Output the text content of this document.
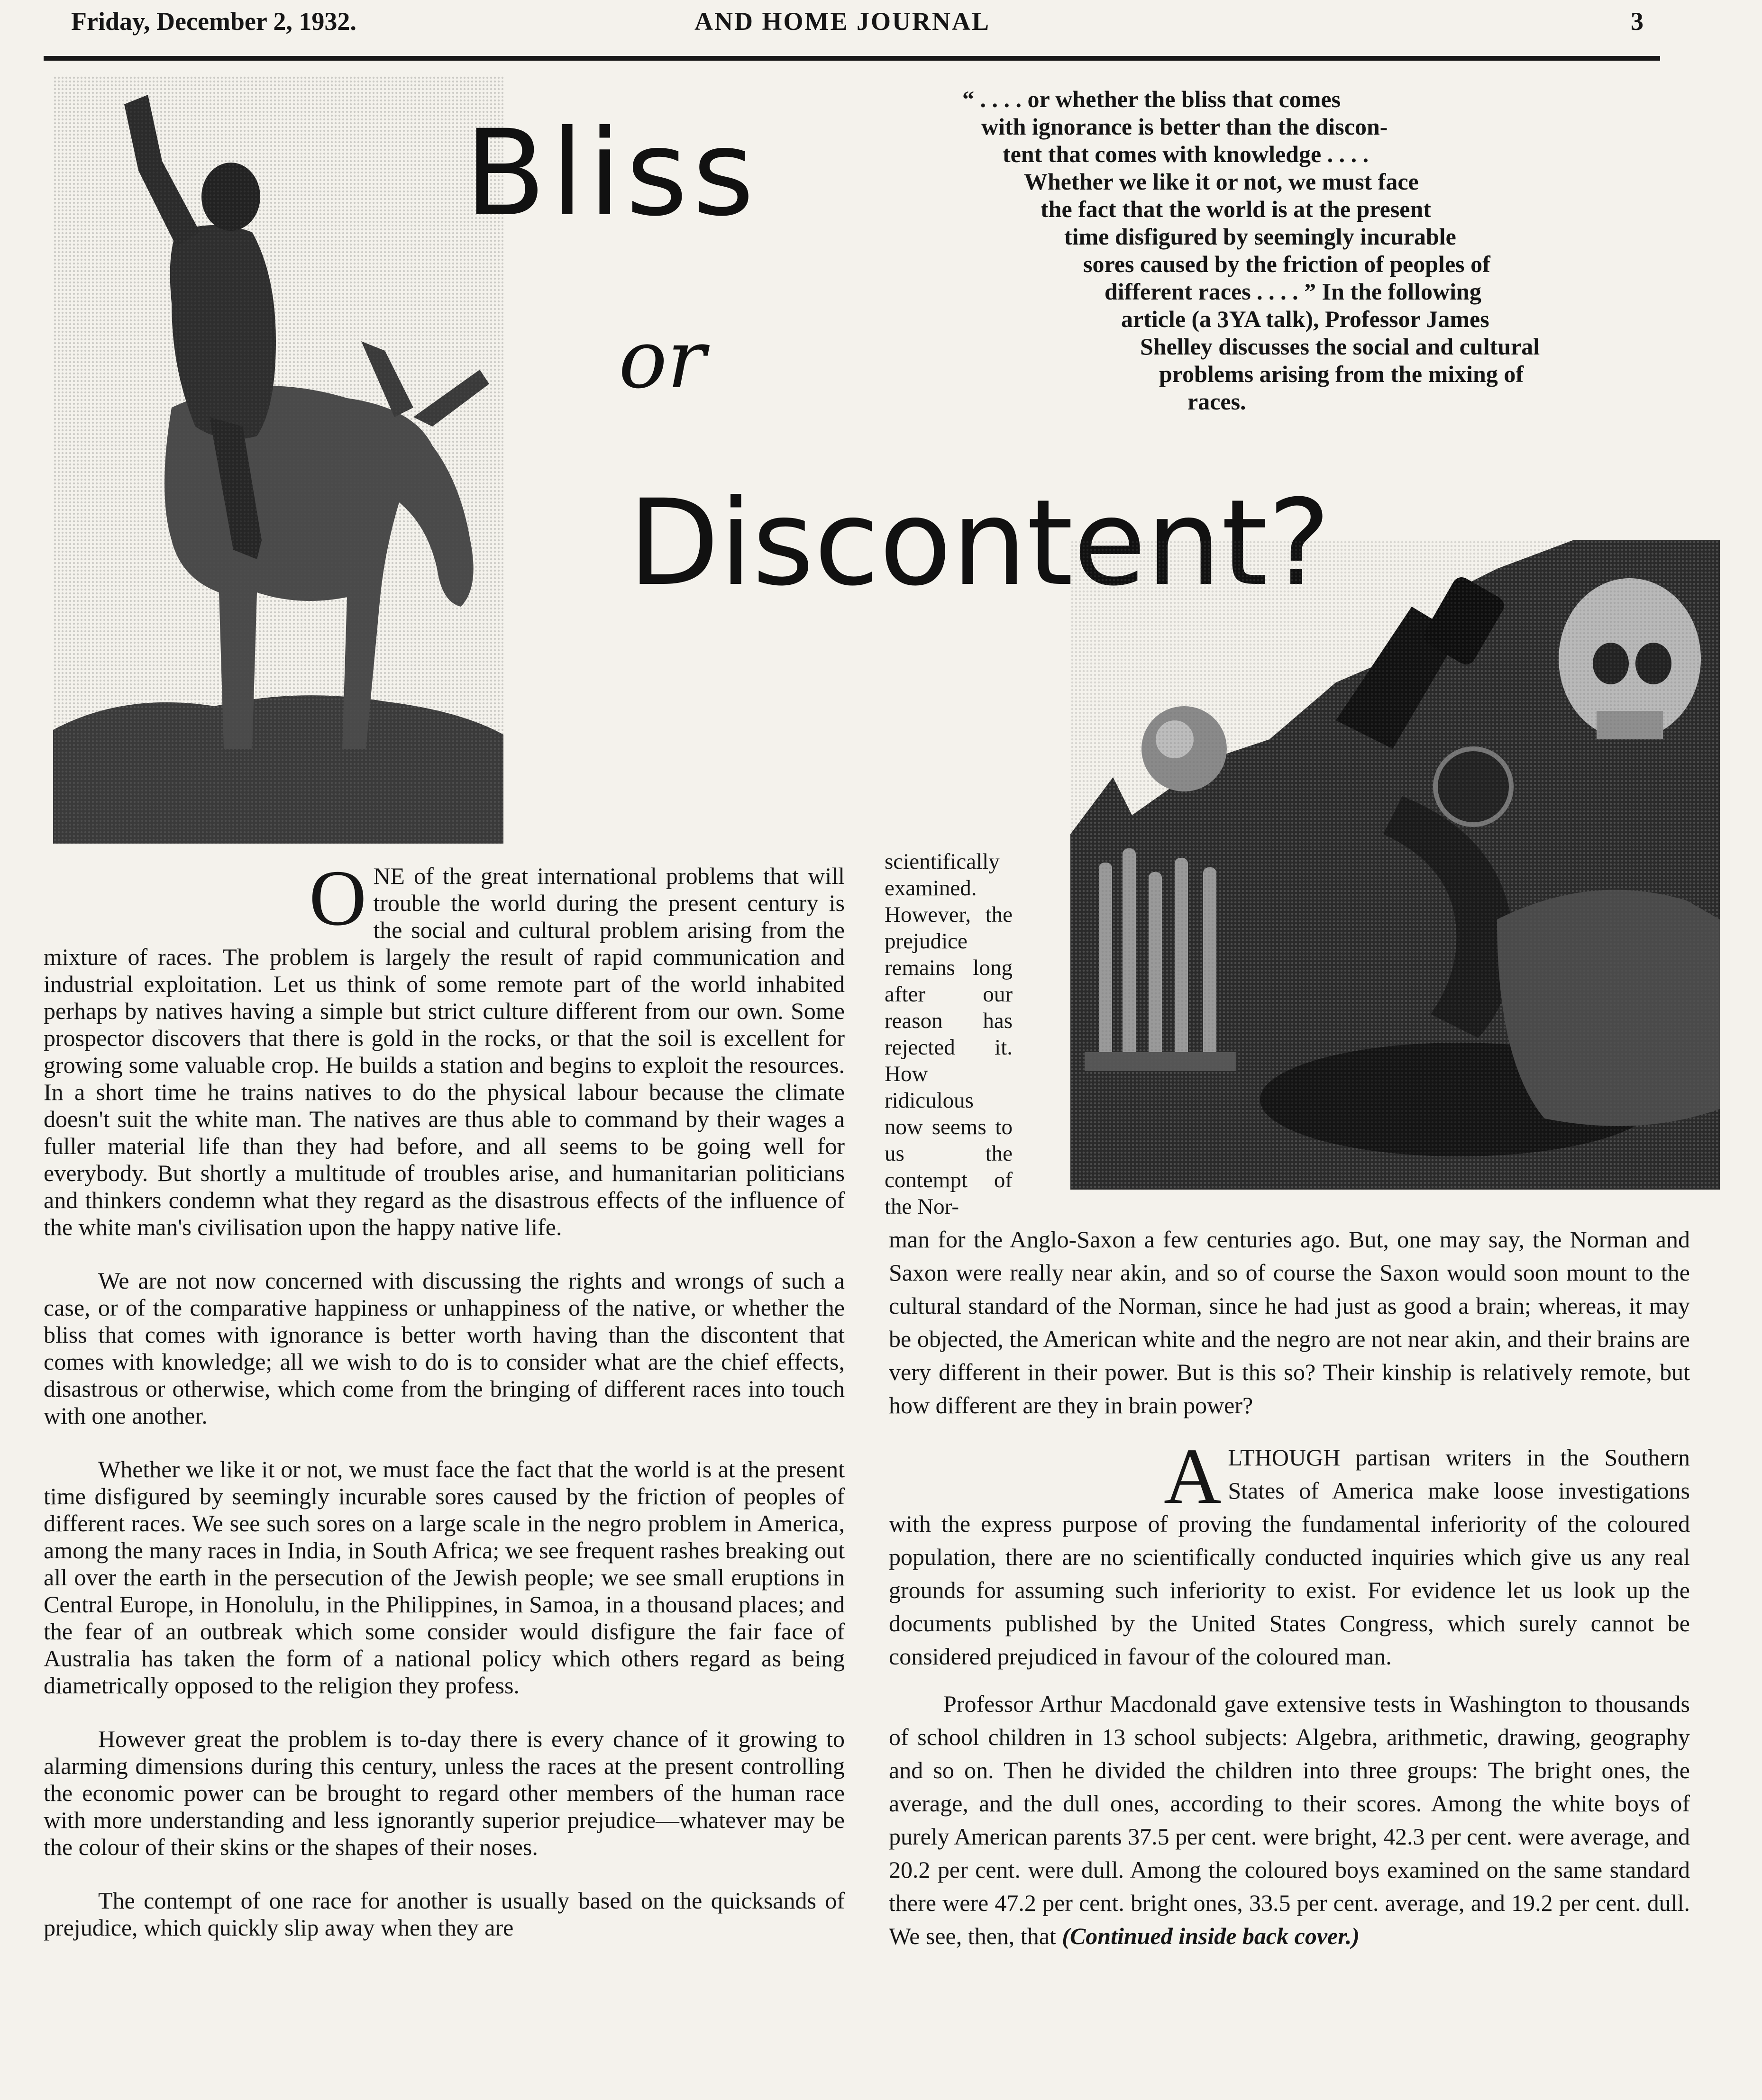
Friday, December 2, 1932.	AND HOME JOURNAL	3
Bliss
or
Discontent?
“ . . . . or whether the bliss that comes
with ignorance is better than the discon-
tent that comes with knowledge . . . .
Whether we like it or not, we must face
the fact that the world is at the present
time disfigured by seemingly incurable
sores caused by the friction of peoples of
different races . . . . ” In the following
article (a 3YA talk), Professor James
Shelley discusses the social and cultural
problems arising from the mixing of
races.

O NE of the great international problems that will trouble the world during the present century is the social and cultural problem arising from the mixture of races. The problem is largely the result of rapid communication and industrial exploitation. Let us think of some remote part of the world inhabited perhaps by natives having a simple but strict culture different from our own. Some prospector discovers that there is gold in the rocks, or that the soil is excellent for growing some valuable crop. He builds a station and begins to exploit the resources. In a short time he trains natives to do the physical labour because the climate doesn't suit the white man. The natives are thus able to command by their wages a fuller material life than they had before, and all seems to be going well for everybody. But shortly a multitude of troubles arise, and humanitarian politicians and thinkers condemn what they regard as the disastrous effects of the influence of the white man's civilisation upon the happy native life.

We are not now concerned with discussing the rights and wrongs of such a case, or of the comparative happiness or unhappiness of the native, or whether the bliss that comes with ignorance is better worth having than the discontent that comes with knowledge; all we wish to do is to consider what are the chief effects, disastrous or otherwise, which come from the bringing of different races into touch with one another.

Whether we like it or not, we must face the fact that the world is at the present time disfigured by seemingly incurable sores caused by the friction of peoples of different races. We see such sores on a large scale in the negro problem in America, among the many races in India, in South Africa; we see frequent rashes breaking out all over the earth in the persecution of the Jewish people; we see small eruptions in Central Europe, in Honolulu, in the Philippines, in Samoa, in a thousand places; and the fear of an outbreak which some consider would disfigure the fair face of Australia has taken the form of a national policy which others regard as being diametrically opposed to the religion they profess.

However great the problem is to-day there is every chance of it growing to alarming dimensions during this century, unless the races at the present controlling the economic power can be brought to regard other members of the human race with more understanding and less ignorantly superior prejudice—whatever may be the colour of their skins or the shapes of their noses.

The contempt of one race for another is usually based on the quicksands of prejudice, which quickly slip away when they are

scientifically examined. However, the prejudice remains long after our reason has rejected it. How ridiculous now seems to us the contempt of the Nor-

man for the Anglo-Saxon a few centuries ago. But, one may say, the Norman and Saxon were really near akin, and so of course the Saxon would soon mount to the cultural standard of the Norman, since he had just as good a brain; whereas, it may be objected, the American white and the negro are not near akin, and their brains are very different in their power. But is this so? Their kinship is relatively remote, but how different are they in brain power?

A LTHOUGH partisan writers in the Southern States of America make loose investigations with the express purpose of proving the fundamental inferiority of the coloured population, there are no scientifically conducted inquiries which give us any real grounds for assuming such inferiority to exist. For evidence let us look up the documents published by the United States Congress, which surely cannot be considered prejudiced in favour of the coloured man.

Professor Arthur Macdonald gave extensive tests in Washington to thousands of school children in 13 school subjects: Algebra, arithmetic, drawing, geography and so on. Then he divided the children into three groups: The bright ones, the average, and the dull ones, according to their scores. Among the white boys of purely American parents 37.5 per cent. were bright, 42.3 per cent. were average, and 20.2 per cent. were dull. Among the coloured boys examined on the same standard there were 47.2 per cent. bright ones, 33.5 per cent. average, and 19.2 per cent. dull. We see, then, that (Continued inside back cover.)
